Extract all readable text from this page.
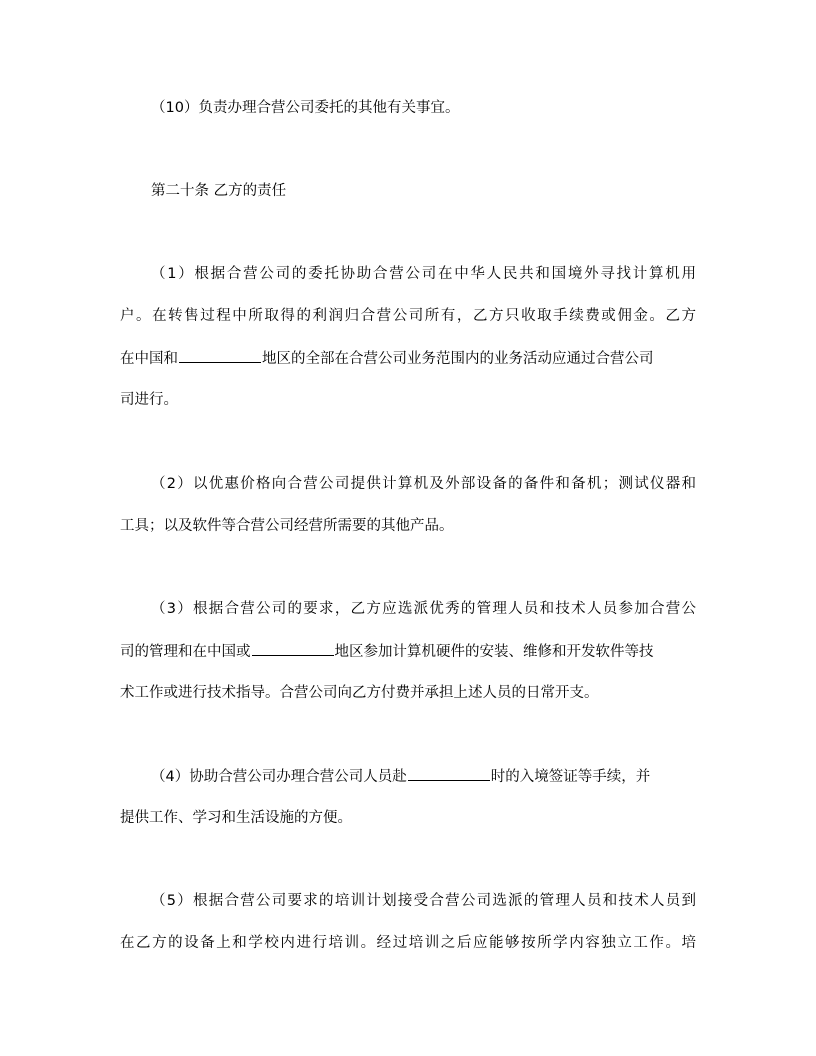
（10）负责办理合营公司委托的其他有关事宜。
第二十条 乙方的责任
（1）根据合营公司的委托协助合营公司在中华人民共和国境外寻找计算机用
户。在转售过程中所取得的利润归合营公司所有，乙方只收取手续费或佣金。乙方
在中国和	地区的全部在合营公司业务范围内的业务活动应通过合营公司
司进行。
（2）以优惠价格向合营公司提供计算机及外部设备的备件和备机；测试仪器和
工具；以及软件等合营公司经营所需要的其他产品。
（3）根据合营公司的要求，乙方应选派优秀的管理人员和技术人员参加合营公
司的管理和在中国或	地区参加计算机硬件的安装、维修和开发软件等技
术工作或进行技术指导。合营公司向乙方付费并承担上述人员的日常开支。
（4）协助合营公司办理合营公司人员赴	时的入境签证等手续，并
提供工作、学习和生活设施的方便。
（5）根据合营公司要求的培训计划接受合营公司选派的管理人员和技术人员到
在乙方的设备上和学校内进行培训。经过培训之后应能够按所学内容独立工作。培
